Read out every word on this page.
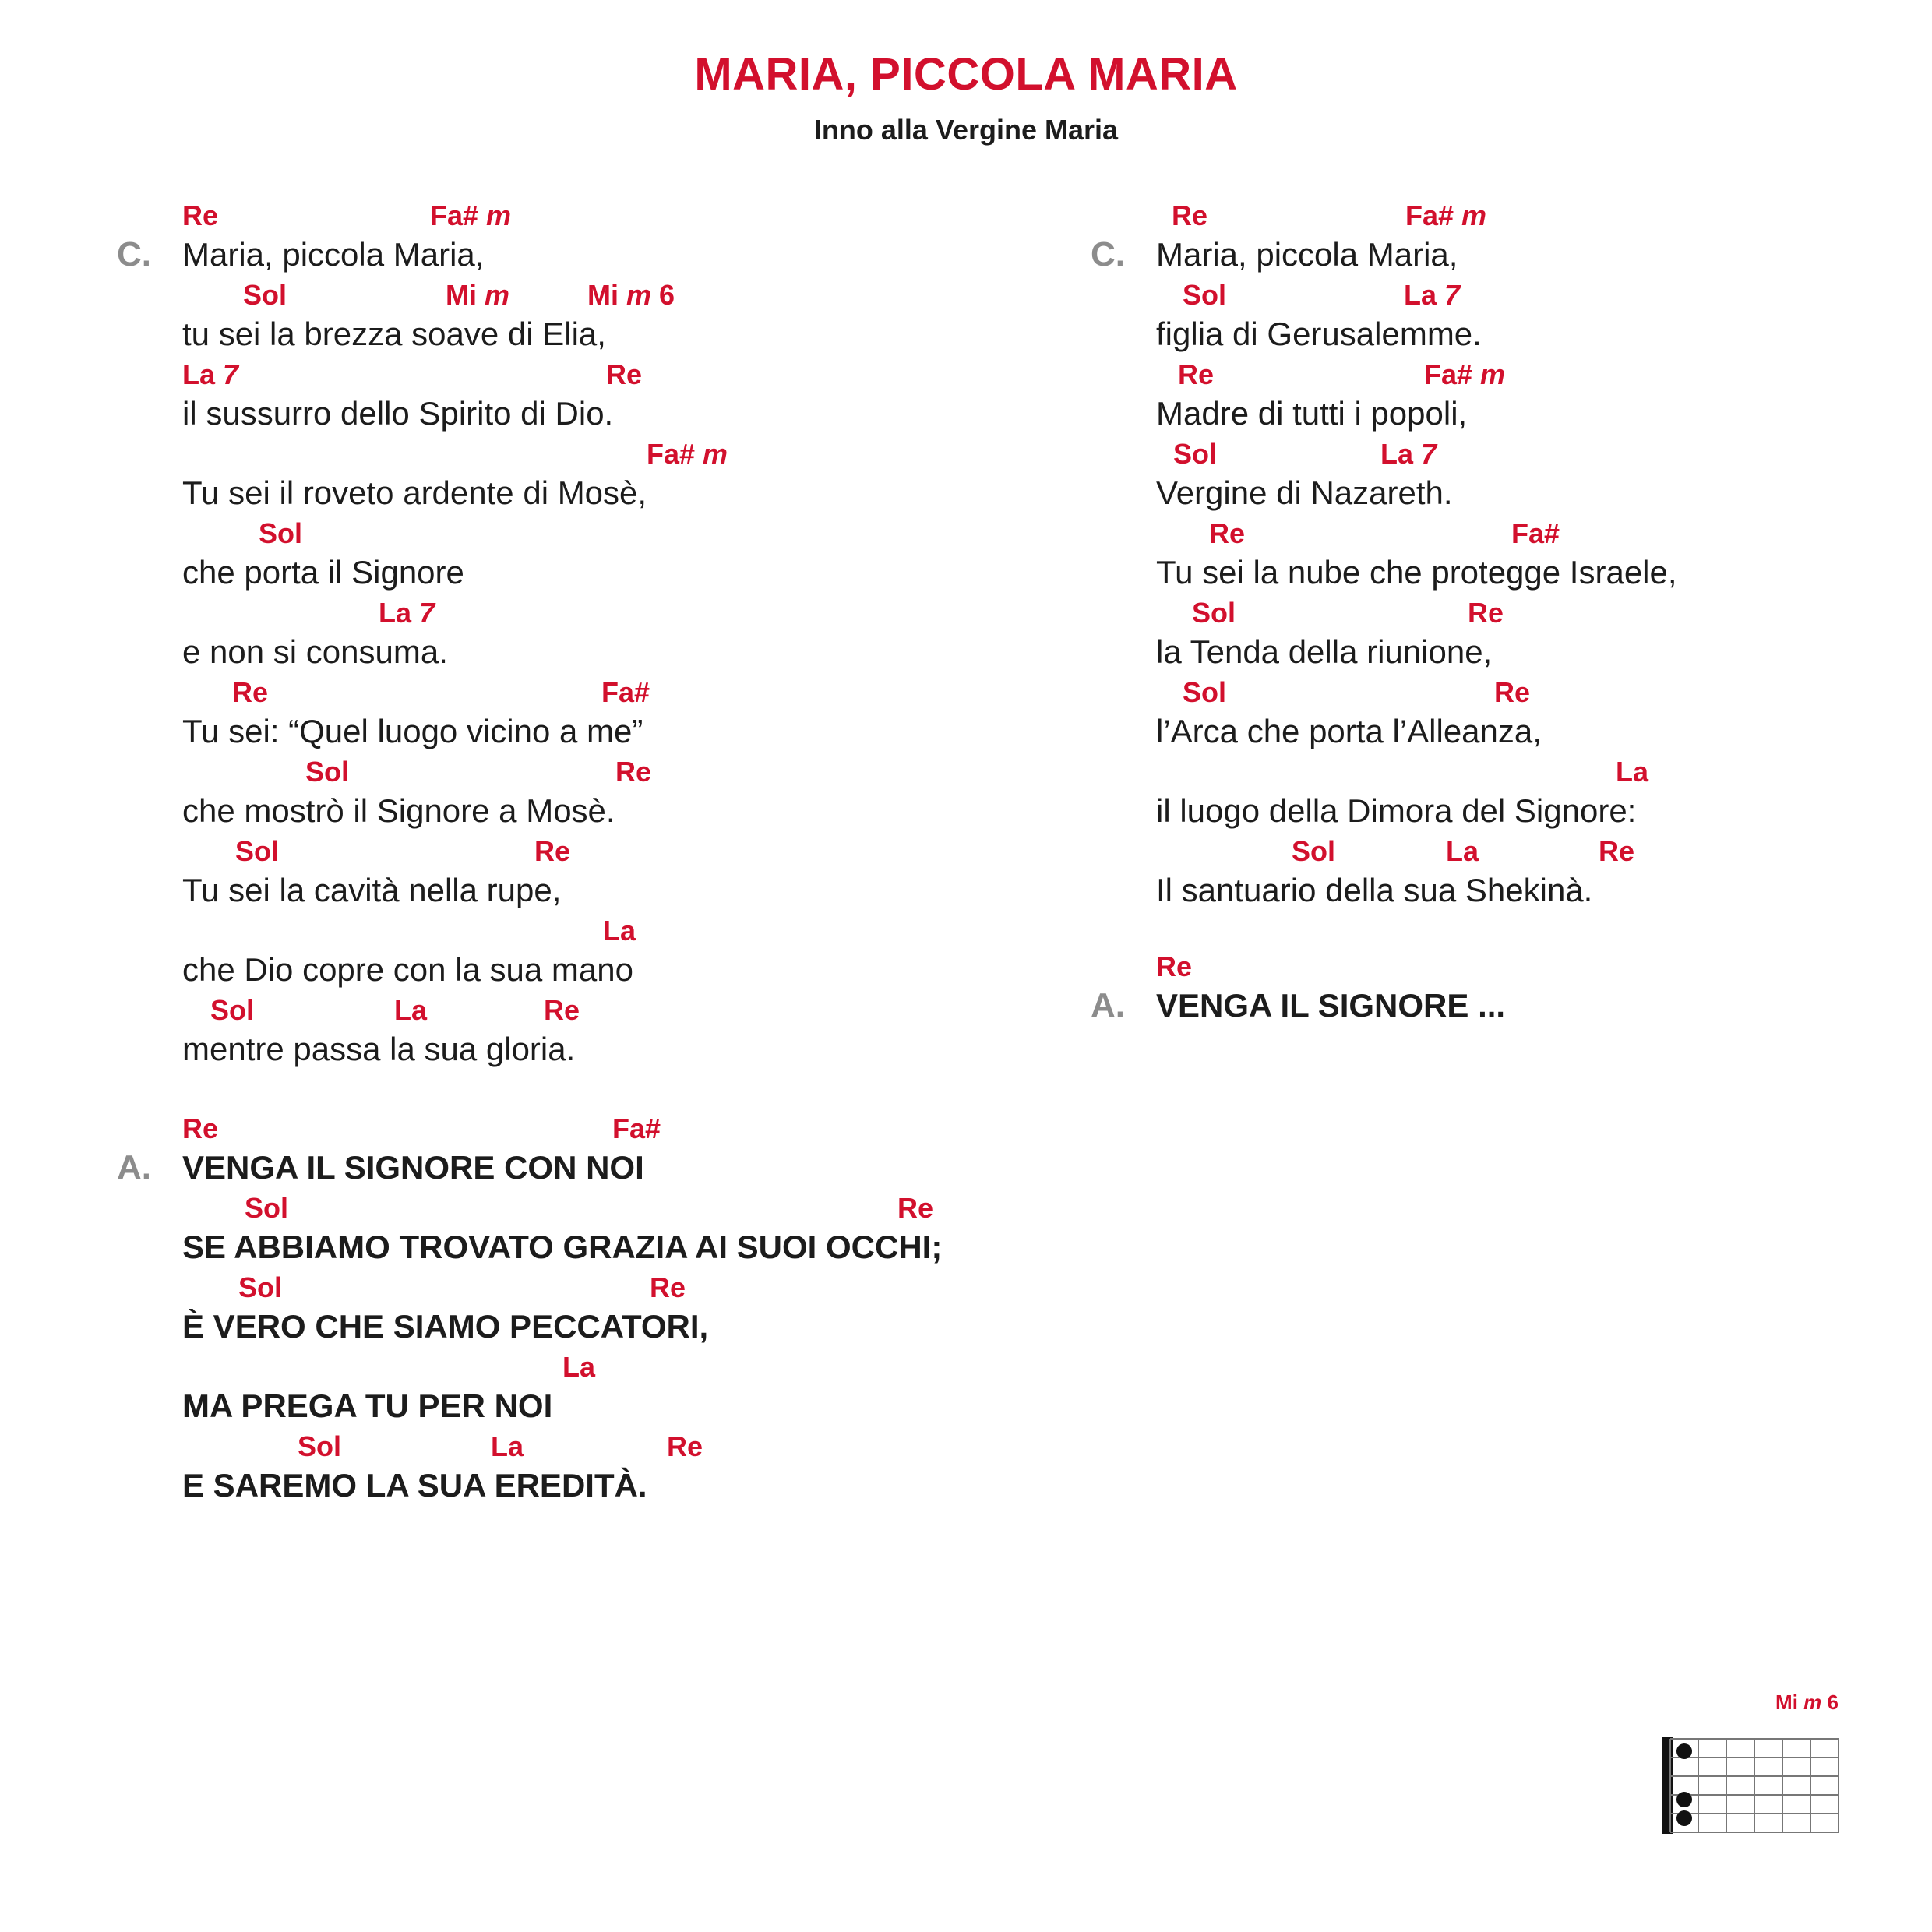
MARIA, PICCOLA MARIA
Inno alla Vergine Maria
C.
Re	Fa# m
Maria, piccola Maria,
Sol	Mi m	Mi m 6
tu sei la brezza soave di Elia,
La 7	Re
il sussurro dello Spirito di Dio.
Fa# m
Tu sei il roveto ardente di Mosè,
Sol
che porta il Signore
La 7
e non si consuma.
Re	Fa#
Tu sei: “Quel luogo vicino a me”
Sol	Re
che mostrò il Signore a Mosè.
Sol	Re
Tu sei la cavità nella rupe,
La
che Dio copre con la sua mano
Sol	La	Re
mentre passa la sua gloria.
A.
Re	Fa#
VENGA IL SIGNORE CON NOI
Sol	Re
SE ABBIAMO TROVATO GRAZIA AI SUOI OCCHI;
Sol	Re
È VERO CHE SIAMO PECCATORI,
La
MA PREGA TU PER NOI
Sol	La	Re
E SAREMO LA SUA EREDITÀ.
C.
Re	Fa# m
Maria, piccola Maria,
Sol	La 7
figlia di Gerusalemme.
Re	Fa# m
Madre di tutti i popoli,
Sol	La 7
Vergine di Nazareth.
Re	Fa#
Tu sei la nube che protegge Israele,
Sol	Re
la Tenda della riunione,
Sol	Re
l’Arca che porta l’Alleanza,
La
il luogo della Dimora del Signore:
Sol	La	Re
Il santuario della sua Shekinà.
A.
Re
VENGA IL SIGNORE ...
Mi m 6
